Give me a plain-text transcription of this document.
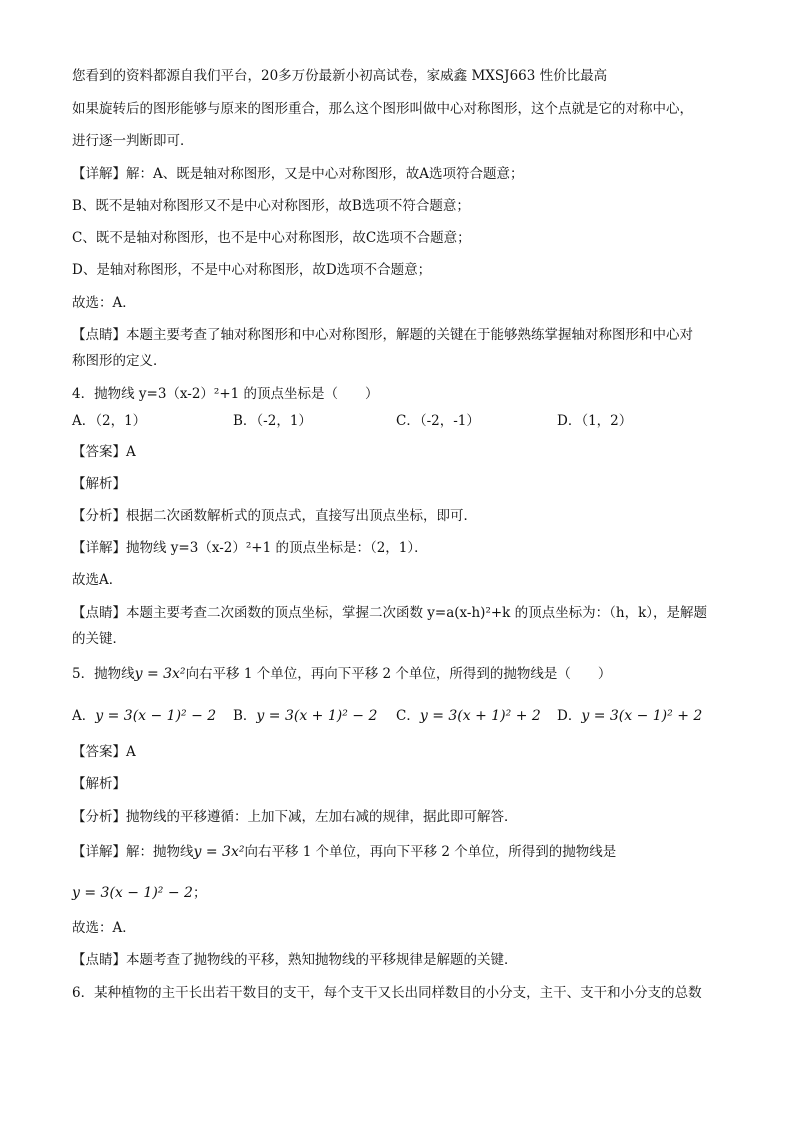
您看到的资料都源自我们平台，20多万份最新小初高试卷，家威鑫 MXSJ663 性价比最高
如果旋转后的图形能够与原来的图形重合，那么这个图形叫做中心对称图形，这个点就是它的对称中心，
进行逐一判断即可．
【详解】解：A、既是轴对称图形，又是中心对称图形，故A选项符合题意；
B、既不是轴对称图形又不是中心对称图形，故B选项不符合题意；
C、既不是轴对称图形，也不是中心对称图形，故C选项不合题意；
D、是轴对称图形，不是中心对称图形，故D选项不合题意；
故选：A．
【点睛】本题主要考查了轴对称图形和中心对称图形，解题的关键在于能够熟练掌握轴对称图形和中心对
称图形的定义．
4．抛物线 y=3（x-2）²+1 的顶点坐标是（　　）
A．（2，1）	B．（-2，1）	C．（-2，-1）	D．（1，2）
【答案】A
【解析】
【分析】根据二次函数解析式的顶点式，直接写出顶点坐标，即可．
【详解】抛物线 y=3（x-2）²+1 的顶点坐标是：（2，1）．
故选A．
【点睛】本题主要考查二次函数的顶点坐标，掌握二次函数 y=a(x-h)²+k 的顶点坐标为：（h，k），是解题
的关键．
5．抛物线y = 3x²向右平移 1 个单位，再向下平移 2 个单位，所得到的抛物线是（　　）
A．y = 3(x − 1)² − 2 B．y = 3(x + 1)² − 2 C．y = 3(x + 1)² + 2 D．y = 3(x − 1)² + 2
【答案】A
【解析】
【分析】抛物线的平移遵循：上加下减，左加右减的规律，据此即可解答．
【详解】解：抛物线y = 3x²向右平移 1 个单位，再向下平移 2 个单位，所得到的抛物线是
y = 3(x − 1)² − 2；
故选：A．
【点睛】本题考查了抛物线的平移，熟知抛物线的平移规律是解题的关键．
6．某种植物的主干长出若干数目的支干，每个支干又长出同样数目的小分支，主干、支干和小分支的总数
